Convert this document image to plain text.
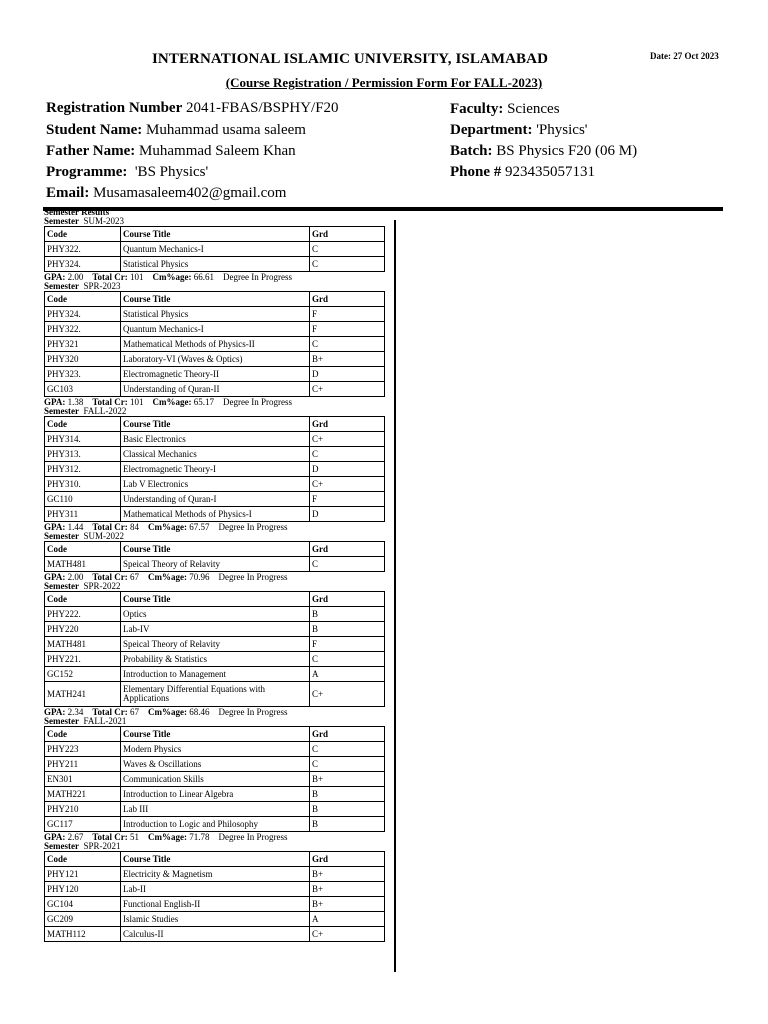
INTERNATIONAL ISLAMIC UNIVERSITY, ISLAMABAD	Date: 27 Oct 2023
(Course Registration / Permission Form For FALL-2023)
Registration Number 2041-FBAS/BSPHY/F20
Student Name: Muhammad usama saleem
Father Name: Muhammad Saleem Khan
Programme: 'BS Physics'
Email: Musamasaleem402@gmail.com
Faculty: Sciences
Department: 'Physics'
Batch: BS Physics F20 (06 M)
Phone # 923435057131
Semester Results
Semester SUM-2023
Code	Course Title	Grd
PHY322.	Quantum Mechanics-I	C
PHY324.	Statistical Physics	C
GPA: 2.00 Total Cr: 101 Cm%age: 66.61 Degree In Progress
Semester SPR-2023
Code	Course Title	Grd
PHY324.	Statistical Physics	F
PHY322.	Quantum Mechanics-I	F
PHY321	Mathematical Methods of Physics-II	C
PHY320	Laboratory-VI (Waves & Optics)	B+
PHY323.	Electromagnetic Theory-II	D
GC103	Understanding of Quran-II	C+
GPA: 1.38 Total Cr: 101 Cm%age: 65.17 Degree In Progress
Semester FALL-2022
Code	Course Title	Grd
PHY314.	Basic Electronics	C+
PHY313.	Classical Mechanics	C
PHY312.	Electromagnetic Theory-I	D
PHY310.	Lab V Electronics	C+
GC110	Understanding of Quran-I	F
PHY311	Mathematical Methods of Physics-I	D
GPA: 1.44 Total Cr: 84 Cm%age: 67.57 Degree In Progress
Semester SUM-2022
Code	Course Title	Grd
MATH481	Speical Theory of Relavity	C
GPA: 2.00 Total Cr: 67 Cm%age: 70.96 Degree In Progress
Semester SPR-2022
Code	Course Title	Grd
PHY222.	Optics	B
PHY220	Lab-IV	B
MATH481	Speical Theory of Relavity	F
PHY221.	Probability & Statistics	C
GC152	Introduction to Management	A
MATH241	Elementary Differential Equations with Applications	C+
GPA: 2.34 Total Cr: 67 Cm%age: 68.46 Degree In Progress
Semester FALL-2021
Code	Course Title	Grd
PHY223	Modern Physics	C
PHY211	Waves & Oscillations	C
EN301	Communication Skills	B+
MATH221	Introduction to Linear Algebra	B
PHY210	Lab III	B
GC117	Introduction to Logic and Philosophy	B
GPA: 2.67 Total Cr: 51 Cm%age: 71.78 Degree In Progress
Semester SPR-2021
Code	Course Title	Grd
PHY121	Electricity & Magnetism	B+
PHY120	Lab-II	B+
GC104	Functional English-II	B+
GC209	Islamic Studies	A
MATH112	Calculus-II	C+
